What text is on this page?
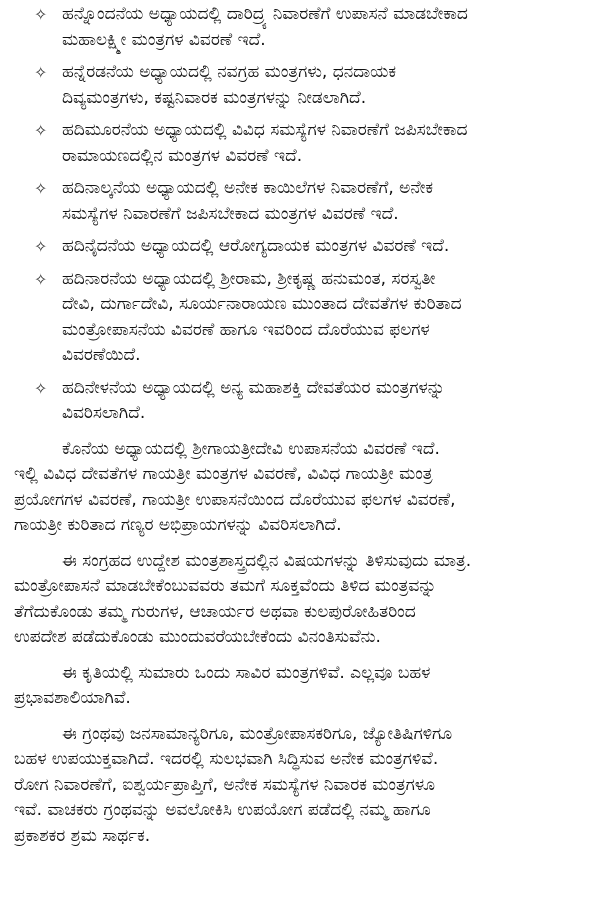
✧ ಹನ್ನೊಂದನೆಯ ಅಧ್ಯಾಯದಲ್ಲಿ ದಾರಿದ್ರ್ಯ ನಿವಾರಣೆಗೆ ಉಪಾಸನೆ ಮಾಡಬೇಕಾದ
ಮಹಾಲಕ್ಷ್ಮೀ ಮಂತ್ರಗಳ ವಿವರಣೆ ಇದೆ.
✧ ಹನ್ನೆರಡನೆಯ ಅಧ್ಯಾಯದಲ್ಲಿ ನವಗ್ರಹ ಮಂತ್ರಗಳು, ಧನದಾಯಕ
ದಿವ್ಯಮಂತ್ರಗಳು, ಕಷ್ಟನಿವಾರಕ ಮಂತ್ರಗಳನ್ನು ನೀಡಲಾಗಿದೆ.
✧ ಹದಿಮೂರನೆಯ ಅಧ್ಯಾಯದಲ್ಲಿ ವಿವಿಧ ಸಮಸ್ಯೆಗಳ ನಿವಾರಣೆಗೆ ಜಪಿಸಬೇಕಾದ
ರಾಮಾಯಣದಲ್ಲಿನ ಮಂತ್ರಗಳ ವಿವರಣೆ ಇದೆ.
✧ ಹದಿನಾಲ್ಕನೆಯ ಅಧ್ಯಾಯದಲ್ಲಿ ಅನೇಕ ಕಾಯಿಲೆಗಳ ನಿವಾರಣೆಗೆ, ಅನೇಕ
ಸಮಸ್ಯೆಗಳ ನಿವಾರಣೆಗೆ ಜಪಿಸಬೇಕಾದ ಮಂತ್ರಗಳ ವಿವರಣೆ ಇದೆ.
✧ ಹದಿನೈದನೆಯ ಅಧ್ಯಾಯದಲ್ಲಿ ಆರೋಗ್ಯದಾಯಕ ಮಂತ್ರಗಳ ವಿವರಣೆ ಇದೆ.
✧ ಹದಿನಾರನೆಯ ಅಧ್ಯಾಯದಲ್ಲಿ ಶ್ರೀರಾಮ, ಶ್ರೀಕೃಷ್ಣ ಹನುಮಂತ, ಸರಸ್ವತೀ
ದೇವಿ, ದುರ್ಗಾದೇವಿ, ಸೂರ್ಯನಾರಾಯಣ ಮುಂತಾದ ದೇವತೆಗಳ ಕುರಿತಾದ
ಮಂತ್ರೋಪಾಸನೆಯ ವಿವರಣೆ ಹಾಗೂ ಇವರಿಂದ ದೊರೆಯುವ ಫಲಗಳ
ವಿವರಣೆಯಿದೆ.
✧ ಹದಿನೇಳನೆಯ ಅಧ್ಯಾಯದಲ್ಲಿ ಅನ್ಯ ಮಹಾಶಕ್ತಿ ದೇವತೆಯರ ಮಂತ್ರಗಳನ್ನು
ವಿವರಿಸಲಾಗಿದೆ.
ಕೊನೆಯ ಅಧ್ಯಾಯದಲ್ಲಿ ಶ್ರೀಗಾಯತ್ರೀದೇವಿ ಉಪಾಸನೆಯ ವಿವರಣೆ ಇದೆ.
ಇಲ್ಲಿ ವಿವಿಧ ದೇವತೆಗಳ ಗಾಯತ್ರೀ ಮಂತ್ರಗಳ ವಿವರಣೆ, ವಿವಿಧ ಗಾಯತ್ರೀ ಮಂತ್ರ
ಪ್ರಯೋಗಗಳ ವಿವರಣೆ, ಗಾಯತ್ರೀ ಉಪಾಸನೆಯಿಂದ ದೊರೆಯುವ ಫಲಗಳ ವಿವರಣೆ,
ಗಾಯತ್ರೀ ಕುರಿತಾದ ಗಣ್ಯರ ಅಭಿಪ್ರಾಯಗಳನ್ನು ವಿವರಿಸಲಾಗಿದೆ.
ಈ ಸಂಗ್ರಹದ ಉದ್ದೇಶ ಮಂತ್ರಶಾಸ್ತ್ರದಲ್ಲಿನ ವಿಷಯಗಳನ್ನು ತಿಳಿಸುವುದು ಮಾತ್ರ.
ಮಂತ್ರೋಪಾಸನೆ ಮಾಡಬೇಕೆಂಬುವವರು ತಮಗೆ ಸೂಕ್ತವೆಂದು ತಿಳಿದ ಮಂತ್ರವನ್ನು
ತೆಗೆದುಕೊಂಡು ತಮ್ಮ ಗುರುಗಳ, ಆಚಾರ್ಯರ ಅಥವಾ ಕುಲಪುರೋಹಿತರಿಂದ
ಉಪದೇಶ ಪಡೆದುಕೊಂಡು ಮುಂದುವರೆಯಬೇಕೆಂದು ವಿನಂತಿಸುವೆನು.
ಈ ಕೃತಿಯಲ್ಲಿ ಸುಮಾರು ಒಂದು ಸಾವಿರ ಮಂತ್ರಗಳಿವೆ. ಎಲ್ಲವೂ ಬಹಳ
ಪ್ರಭಾವಶಾಲಿಯಾಗಿವೆ.
ಈ ಗ್ರಂಥವು ಜನಸಾಮಾನ್ಯರಿಗೂ, ಮಂತ್ರೋಪಾಸಕರಿಗೂ, ಜ್ಯೋತಿಷಿಗಳಿಗೂ
ಬಹಳ ಉಪಯುಕ್ತವಾಗಿದೆ. ಇದರಲ್ಲಿ ಸುಲಭವಾಗಿ ಸಿದ್ಧಿಸುವ ಅನೇಕ ಮಂತ್ರಗಳಿವೆ.
ರೋಗ ನಿವಾರಣೆಗೆ, ಐಶ್ವರ್ಯಪ್ರಾಪ್ತಿಗೆ, ಅನೇಕ ಸಮಸ್ಯೆಗಳ ನಿವಾರಕ ಮಂತ್ರಗಳೂ
ಇವೆ. ವಾಚಕರು ಗ್ರಂಥವನ್ನು ಅವಲೋಕಿಸಿ ಉಪಯೋಗ ಪಡೆದಲ್ಲಿ ನಮ್ಮ ಹಾಗೂ
ಪ್ರಕಾಶಕರ ಶ್ರಮ ಸಾರ್ಥಕ.
